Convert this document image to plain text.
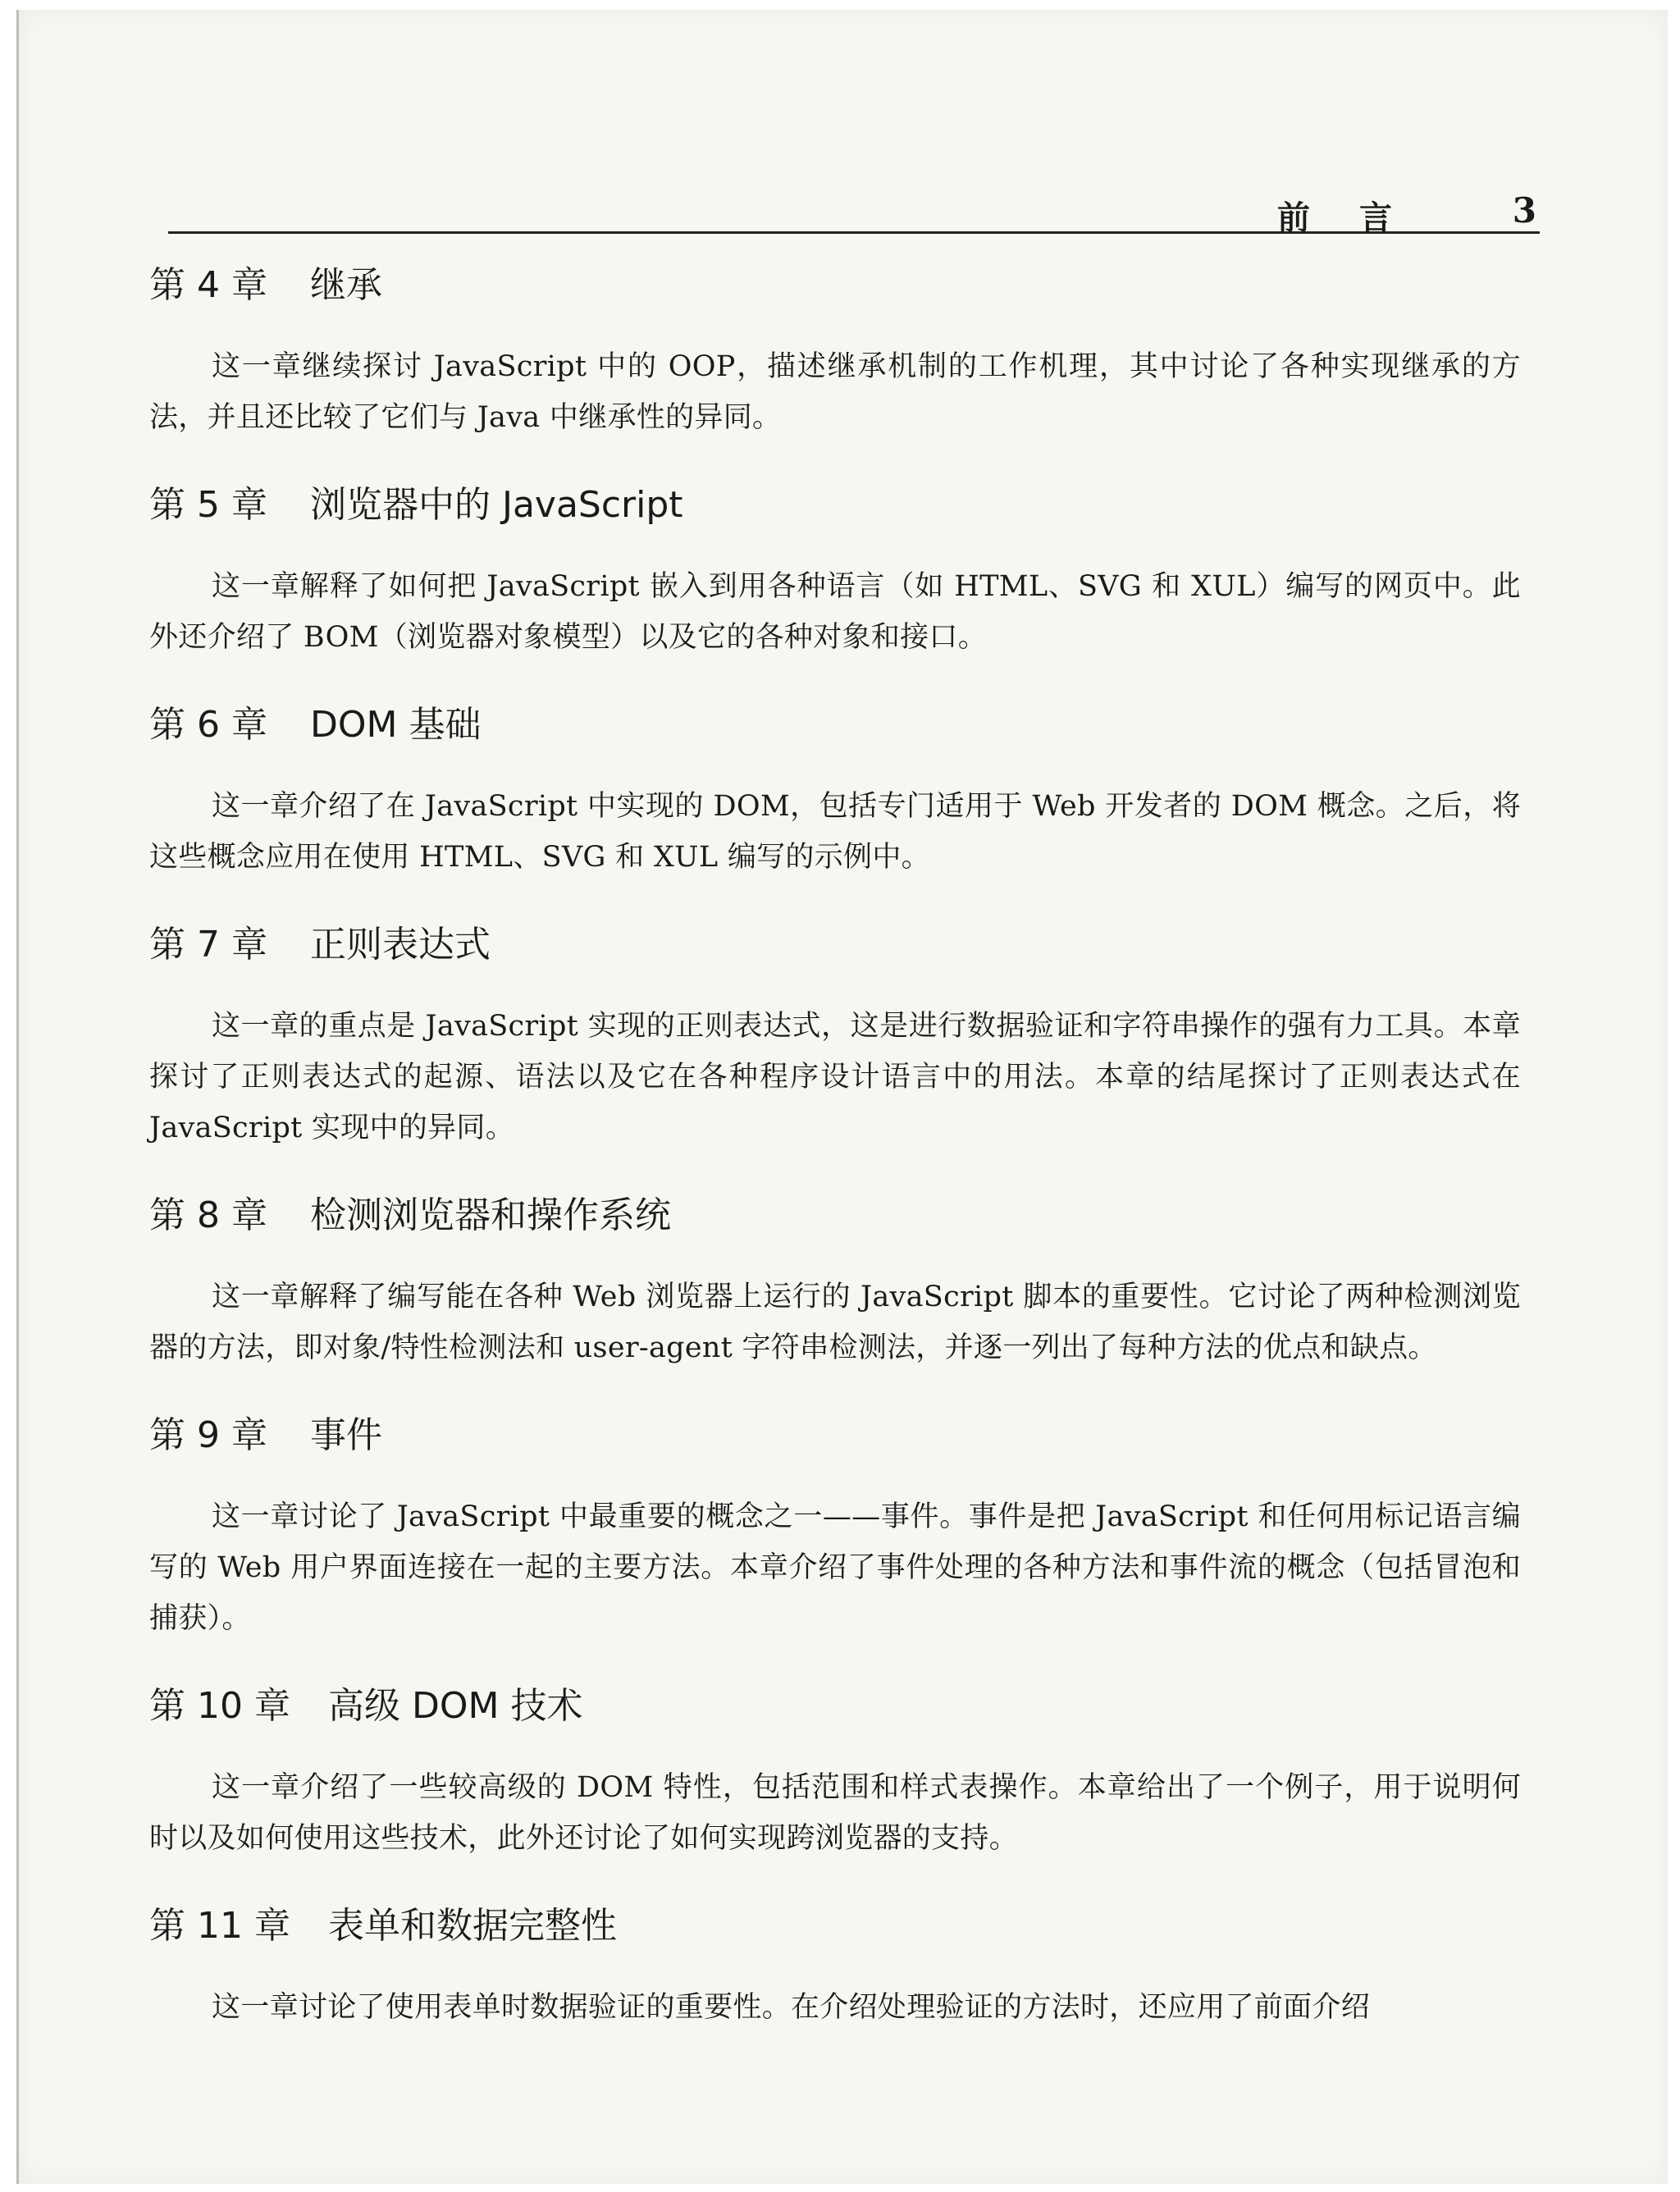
前言 3
第 4 章 继承

这一章继续探讨 JavaScript 中的 OOP，描述继承机制的工作机理，其中讨论了各种实现继承的方法，并且还比较了它们与 Java 中继承性的异同。

第 5 章 浏览器中的 JavaScript

这一章解释了如何把 JavaScript 嵌入到用各种语言（如 HTML、SVG 和 XUL）编写的网页中。此外还介绍了 BOM（浏览器对象模型）以及它的各种对象和接口。

第 6 章 DOM 基础

这一章介绍了在 JavaScript 中实现的 DOM，包括专门适用于 Web 开发者的 DOM 概念。之后，将这些概念应用在使用 HTML、SVG 和 XUL 编写的示例中。

第 7 章 正则表达式

这一章的重点是 JavaScript 实现的正则表达式，这是进行数据验证和字符串操作的强有力工具。本章探讨了正则表达式的起源、语法以及它在各种程序设计语言中的用法。本章的结尾探讨了正则表达式在 JavaScript 实现中的异同。

第 8 章 检测浏览器和操作系统

这一章解释了编写能在各种 Web 浏览器上运行的 JavaScript 脚本的重要性。它讨论了两种检测浏览器的方法，即对象/特性检测法和 user-agent 字符串检测法，并逐一列出了每种方法的优点和缺点。

第 9 章 事件

这一章讨论了 JavaScript 中最重要的概念之一——事件。事件是把 JavaScript 和任何用标记语言编写的 Web 用户界面连接在一起的主要方法。本章介绍了事件处理的各种方法和事件流的概念（包括冒泡和捕获）。

第 10 章 高级 DOM 技术

这一章介绍了一些较高级的 DOM 特性，包括范围和样式表操作。本章给出了一个例子，用于说明何时以及如何使用这些技术，此外还讨论了如何实现跨浏览器的支持。

第 11 章 表单和数据完整性

这一章讨论了使用表单时数据验证的重要性。在介绍处理验证的方法时，还应用了前面介绍
